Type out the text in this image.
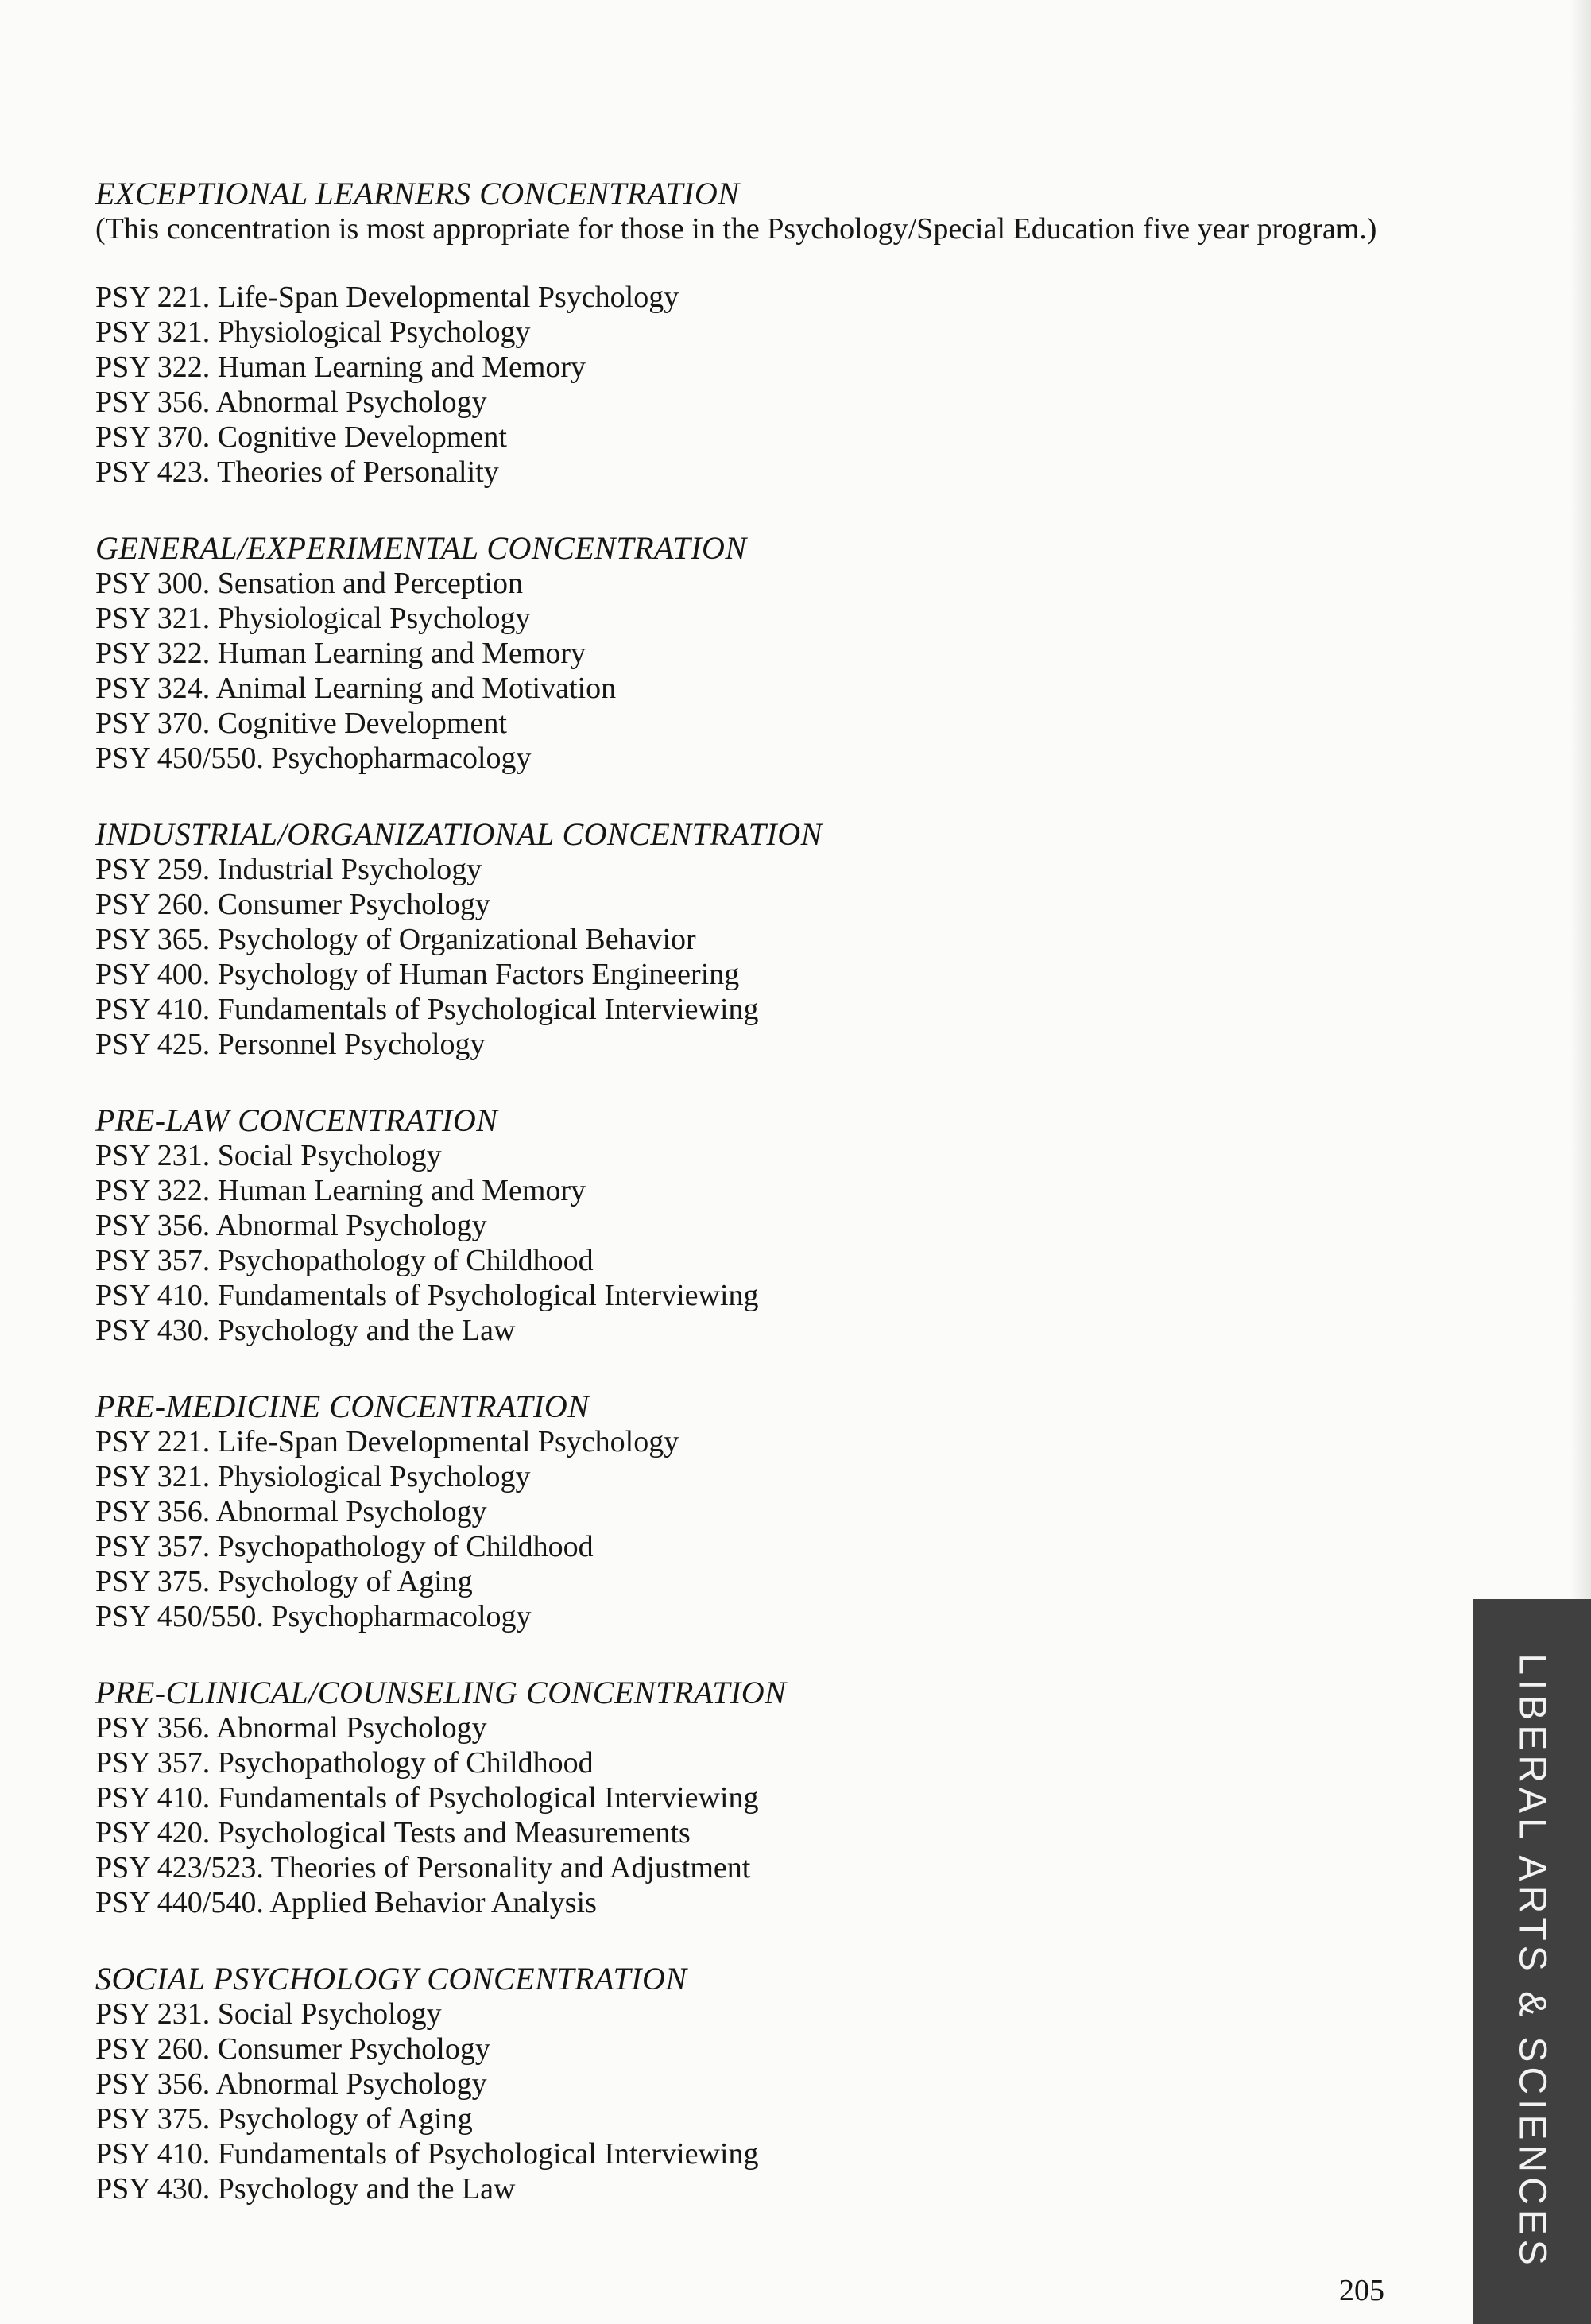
EXCEPTIONAL LEARNERS CONCENTRATION
(This concentration is most appropriate for those in the Psychology/Special Education five year program.)
PSY 221. Life-Span Developmental Psychology
PSY 321. Physiological Psychology
PSY 322. Human Learning and Memory
PSY 356. Abnormal Psychology
PSY 370. Cognitive Development
PSY 423. Theories of Personality
GENERAL/EXPERIMENTAL CONCENTRATION
PSY 300. Sensation and Perception
PSY 321. Physiological Psychology
PSY 322. Human Learning and Memory
PSY 324. Animal Learning and Motivation
PSY 370. Cognitive Development
PSY 450/550. Psychopharmacology
INDUSTRIAL/ORGANIZATIONAL CONCENTRATION
PSY 259. Industrial Psychology
PSY 260. Consumer Psychology
PSY 365. Psychology of Organizational Behavior
PSY 400. Psychology of Human Factors Engineering
PSY 410. Fundamentals of Psychological Interviewing
PSY 425. Personnel Psychology
PRE-LAW CONCENTRATION
PSY 231. Social Psychology
PSY 322. Human Learning and Memory
PSY 356. Abnormal Psychology
PSY 357. Psychopathology of Childhood
PSY 410. Fundamentals of Psychological Interviewing
PSY 430. Psychology and the Law
PRE-MEDICINE CONCENTRATION
PSY 221. Life-Span Developmental Psychology
PSY 321. Physiological Psychology
PSY 356. Abnormal Psychology
PSY 357. Psychopathology of Childhood
PSY 375. Psychology of Aging
PSY 450/550. Psychopharmacology
PRE-CLINICAL/COUNSELING CONCENTRATION
PSY 356. Abnormal Psychology
PSY 357. Psychopathology of Childhood
PSY 410. Fundamentals of Psychological Interviewing
PSY 420. Psychological Tests and Measurements
PSY 423/523. Theories of Personality and Adjustment
PSY 440/540. Applied Behavior Analysis
SOCIAL PSYCHOLOGY CONCENTRATION
PSY 231. Social Psychology
PSY 260. Consumer Psychology
PSY 356. Abnormal Psychology
PSY 375. Psychology of Aging
PSY 410. Fundamentals of Psychological Interviewing
PSY 430. Psychology and the Law
205
LIBERAL ARTS & SCIENCES
